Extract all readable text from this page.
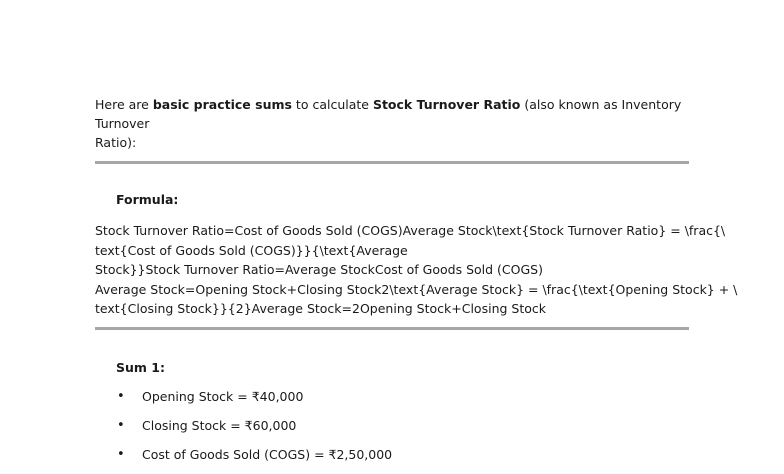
Here are basic practice sums to calculate Stock Turnover Ratio (also known as Inventory Turnover
Ratio):

Formula:

Stock Turnover Ratio=Cost of Goods Sold (COGS)Average Stock\text{Stock Turnover Ratio} = \frac{\

text{Cost of Goods Sold (COGS)}}{\text{Average

Stock}}Stock Turnover Ratio=Average StockCost of Goods Sold (COGS)

Average Stock=Opening Stock+Closing Stock2\text{Average Stock} = \frac{\text{Opening Stock} + \

text{Closing Stock}}{2}Average Stock=2Opening Stock+Closing Stock

Sum 1:

• Opening Stock = ₹40,000
• Closing Stock = ₹60,000
• Cost of Goods Sold (COGS) = ₹2,50,000
